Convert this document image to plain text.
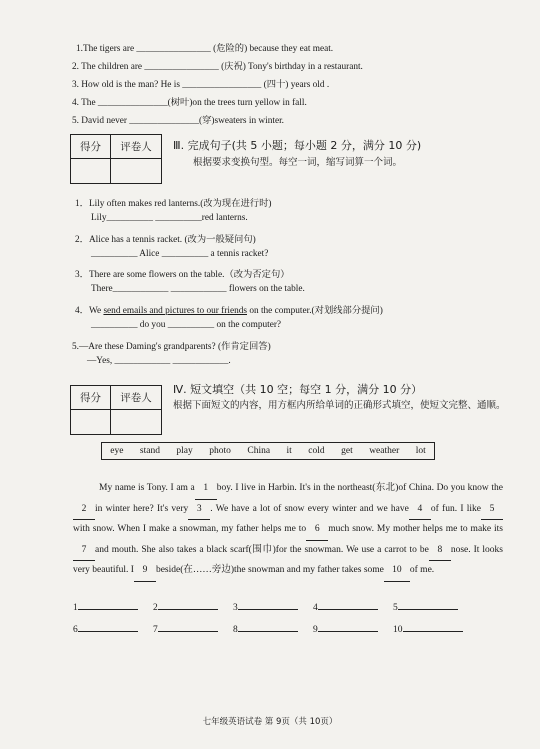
1.The tigers are ________________ (危险的) because they eat meat.
2. The children are ________________ (庆祝) Tony's birthday in a restaurant.
3. How old is the man? He is _________________ (四十) years old .
4. The _______________(树叶)on the trees turn yellow in fall.
5. David never _______________(穿)sweaters in winter.
得分	评卷人	Ⅲ. 完成句子(共 5 小题；每小题 2 分，满分 10 分)
根据要求变换句型。每空一词，缩写词算一个词。
1．Lily often makes red lanterns.(改为现在进行时)
Lily__________ __________red lanterns.
2．Alice has a tennis racket. (改为一般疑问句)
__________ Alice __________ a tennis racket?
3．There are some flowers on the table.（改为否定句）
There____________ ____________ flowers on the table.
4．We send emails and pictures to our friends on the computer.(对划线部分提问)
__________ do you __________ on the computer?
5.—Are these Daming's grandparents? (作肯定回答)
—Yes, ____________ ____________.
得分	评卷人
Ⅳ. 短文填空（共 10 空；每空 1 分，满分 10 分）
根据下面短文的内容，用方框内所给单词的正确形式填空，使短文完整、通顺。
eye stand play photo China it cold get weather lot
My name is Tony. I am a 1 boy. I live in Harbin. It's in the northeast(东北)of China. Do you know the2 in winter here? It's very 3 . We have a lot of snow every winter and we have 4 of fun. I like 5with snow. When I make a snowman, my father helps me to 6 much snow. My mother helps me to make its7 and mouth. She also takes a black scarf(围巾)for the snowman. We use a carrot to be 8 nose. It looks very beautiful. I 9 beside(在……旁边)the snowman and my father takes some 10 of me.
1	2	3	4	5
6	7	8	9	10
七年级英语试卷 第 9页（共 10页）
